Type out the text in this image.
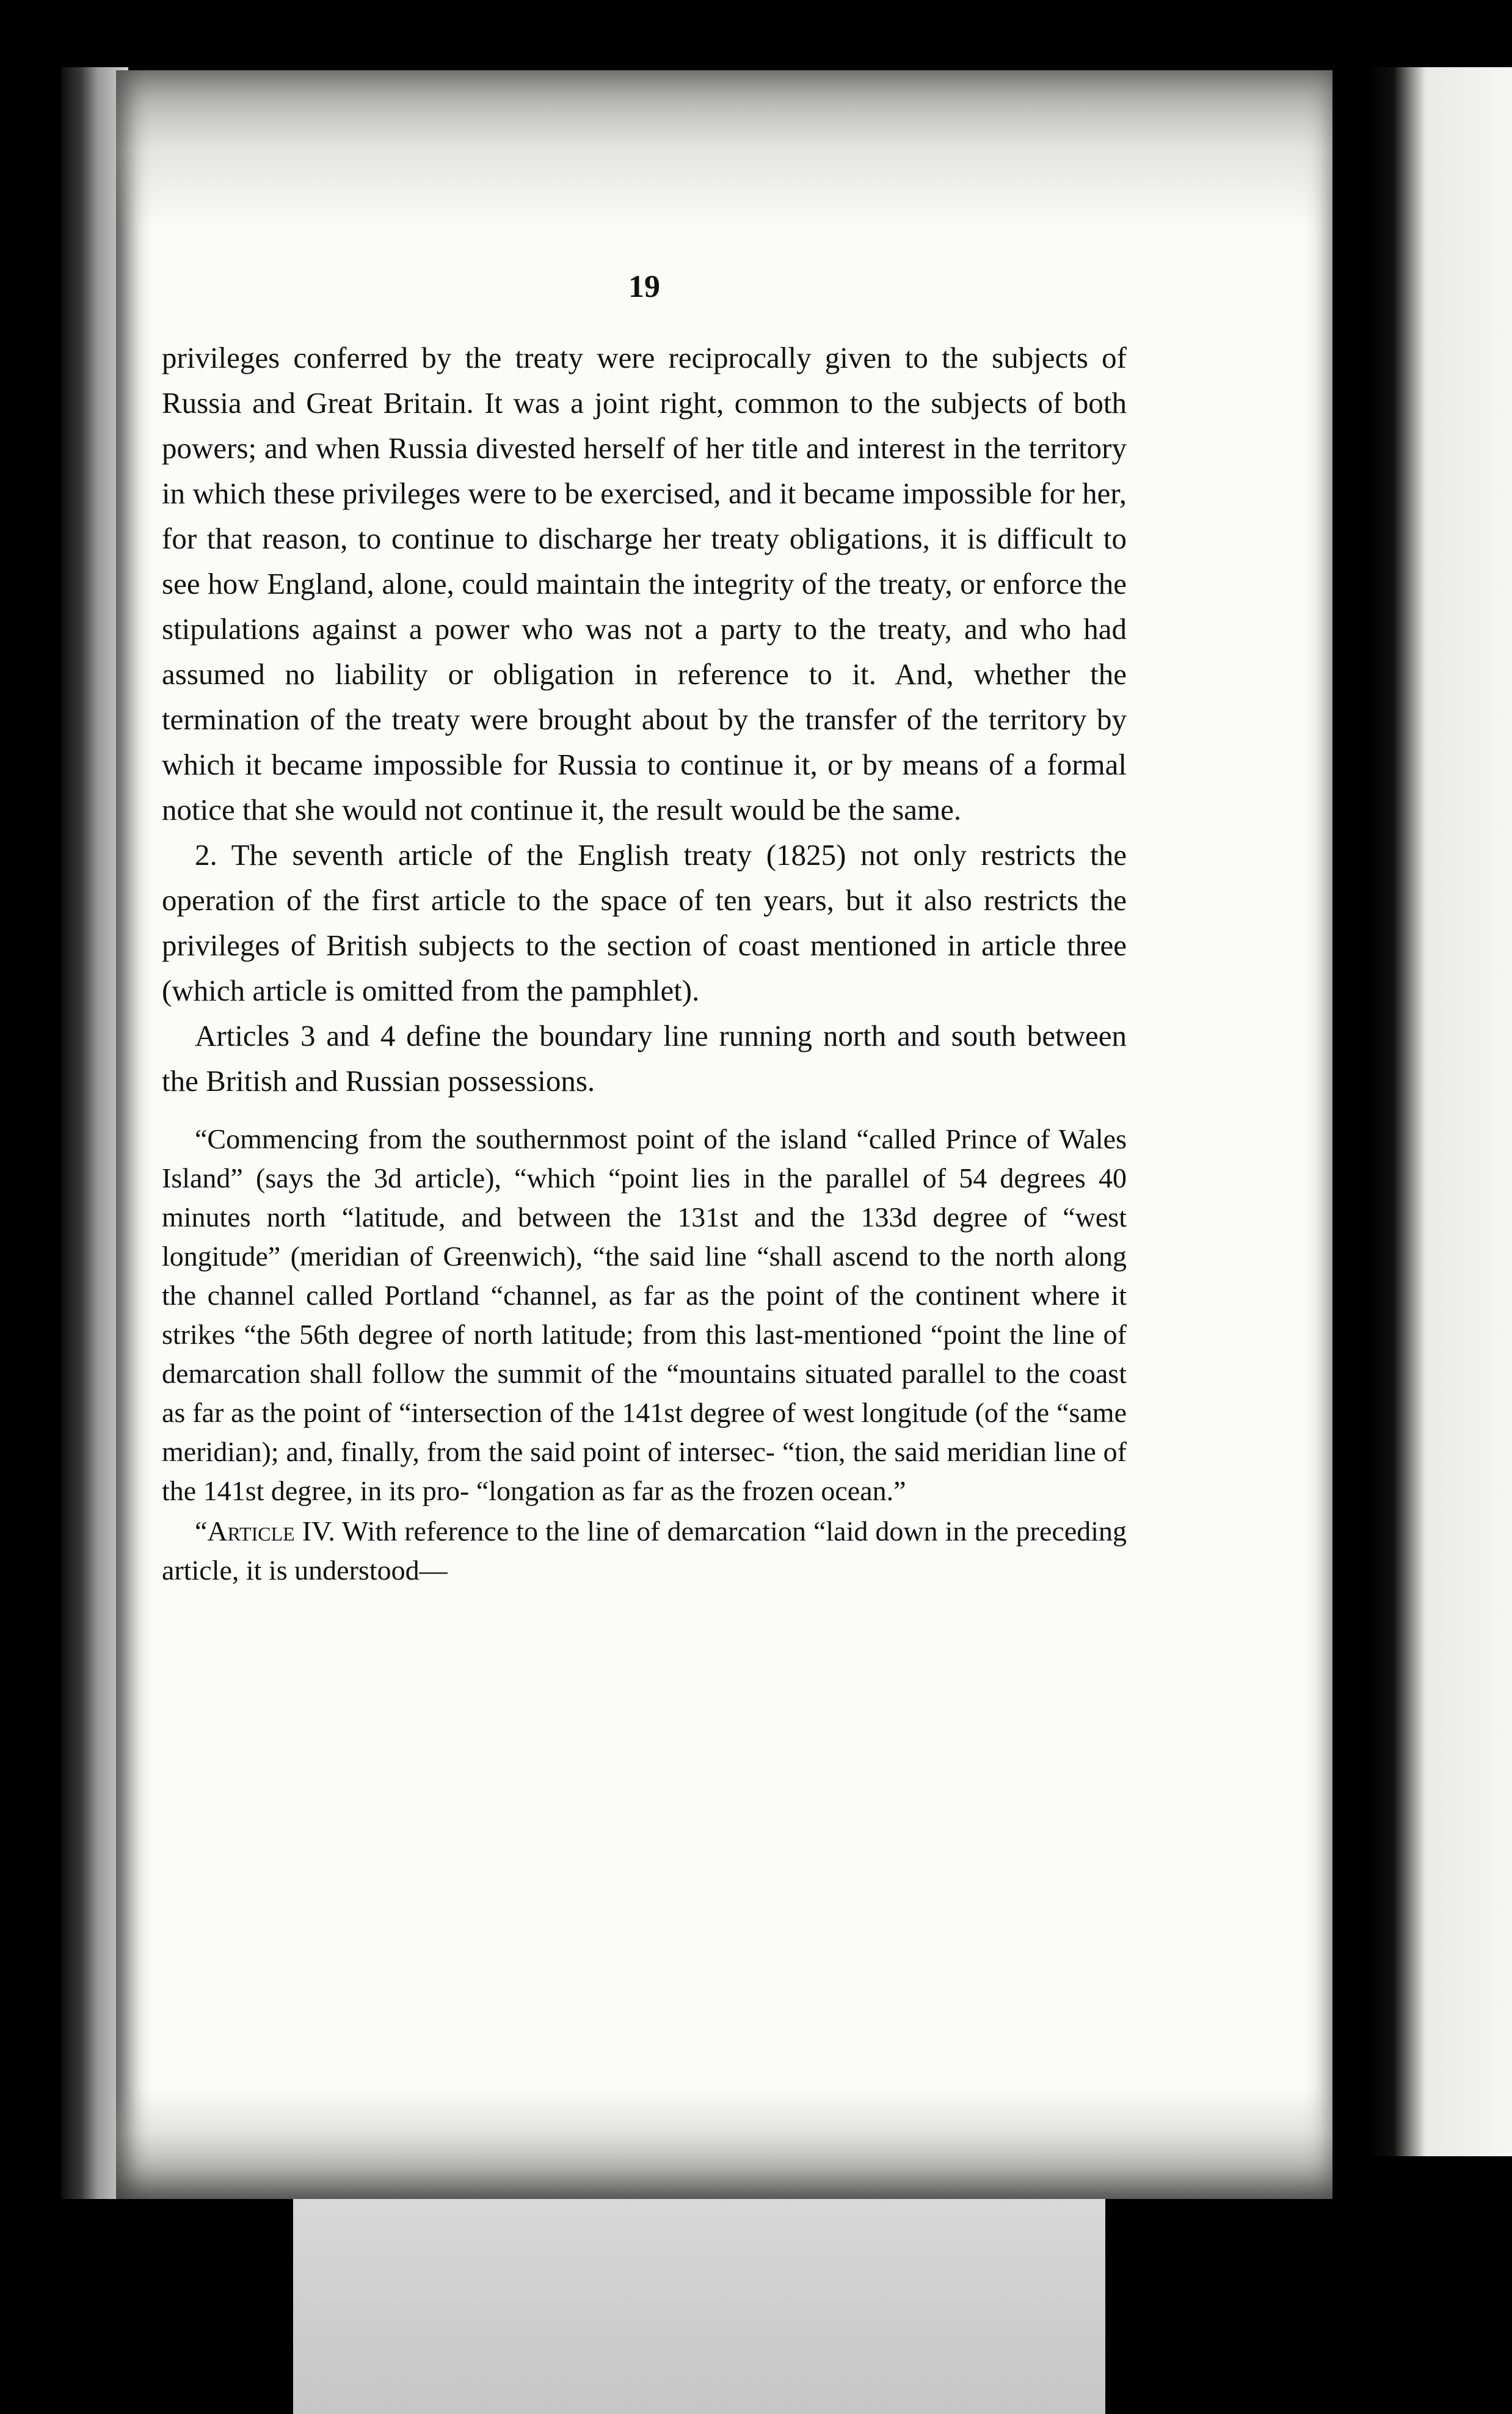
19

privileges conferred by the treaty were reciprocally given to the subjects of Russia and Great Britain. It was a joint right, common to the subjects of both powers; and when Russia divested herself of her title and interest in the territory in which these privileges were to be exercised, and it became impossible for her, for that reason, to continue to discharge her treaty obligations, it is difficult to see how England, alone, could maintain the integrity of the treaty, or enforce the stipulations against a power who was not a party to the treaty, and who had assumed no liability or obligation in reference to it. And, whether the termination of the treaty were brought about by the transfer of the territory by which it became impossible for Russia to continue it, or by means of a formal notice that she would not continue it, the result would be the same.

2. The seventh article of the English treaty (1825) not only restricts the operation of the first article to the space of ten years, but it also restricts the privileges of British subjects to the section of coast mentioned in article three (which article is omitted from the pamphlet).

Articles 3 and 4 define the boundary line running north and south between the British and Russian possessions.

“Commencing from the southernmost point of the island “called Prince of Wales Island” (says the 3d article), “which “point lies in the parallel of 54 degrees 40 minutes north “latitude, and between the 131st and the 133d degree of “west longitude” (meridian of Greenwich), “the said line “shall ascend to the north along the channel called Portland “channel, as far as the point of the continent where it strikes “the 56th degree of north latitude; from this last-mentioned “point the line of demarcation shall follow the summit of the “mountains situated parallel to the coast as far as the point of “intersection of the 141st degree of west longitude (of the “same meridian); and, finally, from the said point of intersec- “tion, the said meridian line of the 141st degree, in its pro- “longation as far as the frozen ocean.”

“Article IV. With reference to the line of demarcation “laid down in the preceding article, it is understood—
